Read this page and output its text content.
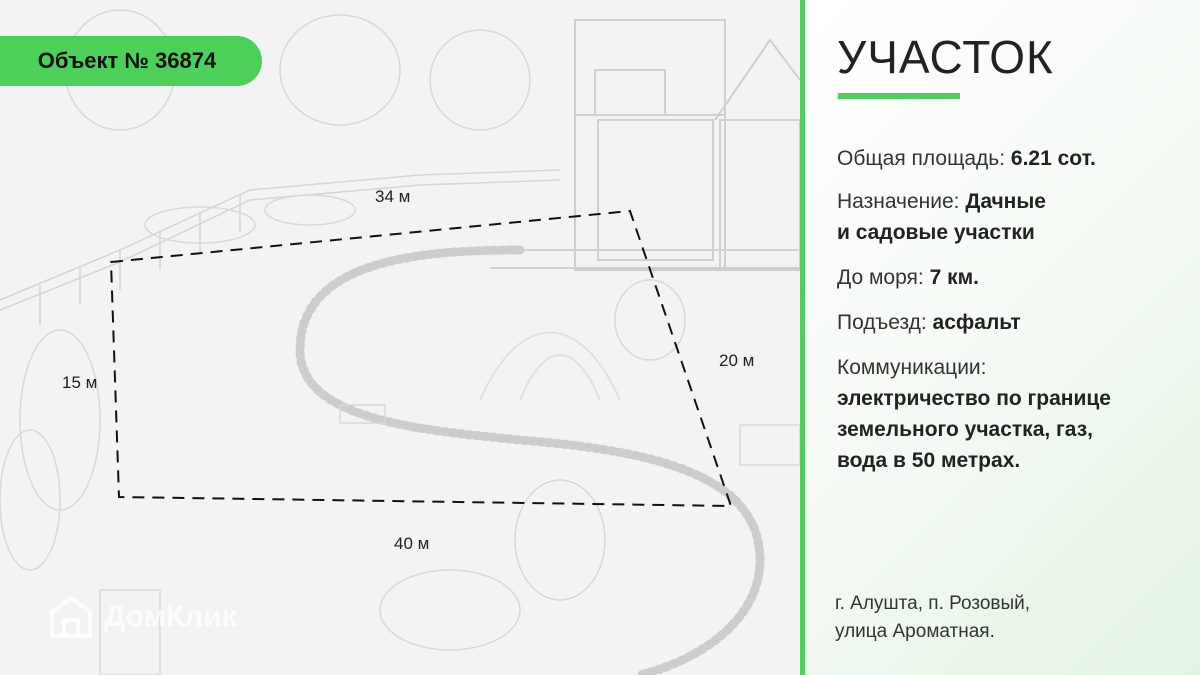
Объект № 36874
34 м
20 м
40 м
15 м
ДомКлик
УЧАСТОК
Общая площадь: 6.21 сот.
Назначение: Дачные
и садовые участки
До моря: 7 км.
Подъезд: асфальт
Коммуникации:
электричество по границе
земельного участка, газ,
вода в 50 метрах.
г. Алушта, п. Розовый,
улица Ароматная.
